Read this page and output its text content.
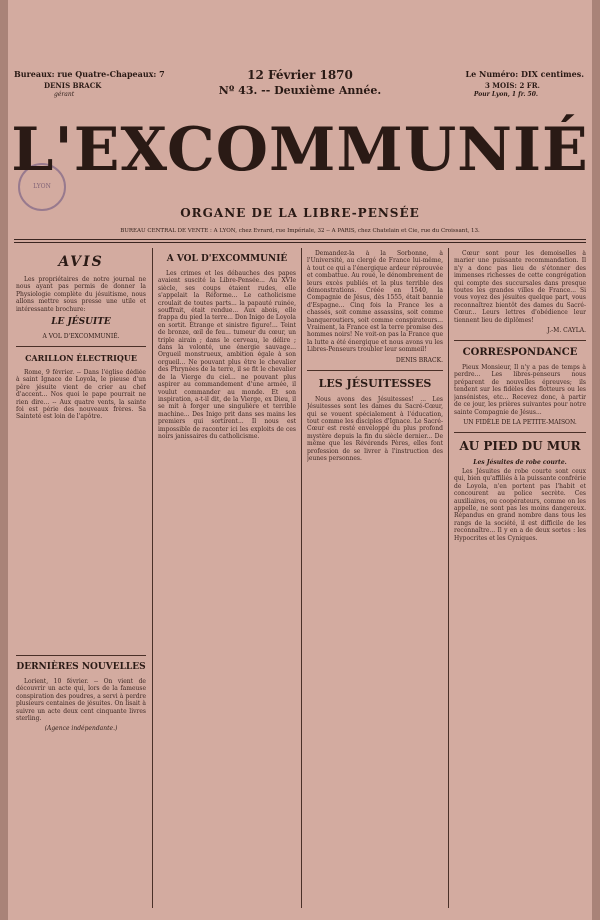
Bureaux: rue Quatre-Chapeaux: 7
DENIS BRACK
gérant
12 Février 1870
Nº 43. -- Deuxième Année.
Le Numéro: DIX centimes.
3 MOIS: 2 FR.
Pour Lyon, 1 fr. 50.
LYON
L'EXCOMMUNIÉ
ORGANE DE LA LIBRE-PENSÉE
BUREAU CENTRAL DE VENTE : A LYON, chez Evrard, rue Impériale, 32 -- A PARIS, chez Chatelain et Cie, rue du Croissant, 13.
AVIS

Les propriétaires de notre journal ne nous ayant pas permis de donner la Physiologie complète du jésuitisme, nous allons mettre sous presse une utile et intéressante brochure:

LE JÉSUITE
A VOL D'EXCOMMUNIÉ.
CARILLON ÉLECTRIQUE

Rome, 9 février. -- Dans l'église dédiée à saint Ignace de Loyola, le pieuse d'un pêre jésuite vient de crier au chef d'accent... Nos quoi le pape pourrait ne rien dire... -- Aux quatre vents, la sainte foi est périe des nouveaux frères. Sa Sainteté est loin de l'apôtre.

DERNIÈRES NOUVELLES

Lorient, 10 février. -- On vient de découvrir un acte qui, lors de la fameuse conspiration des poudres, a servi à perdre plusieurs centaines de jésuites. On lisait à suivre un acte deux cent cinquante livres sterling.

(Agence indépendante.)
A VOL D'EXCOMMUNIÉ

Les crimes et les débauches des papes avaient suscité la Libre-Pensée... Au XVIe siècle, ses coups étaient rudes, elle s'appelait la Réforme... Le catholicisme croulait de toutes parts... la papauté ruinée, souffrait, était rendue... Aux abois, elle frappa du pied la terre... Don Inigo de Loyola en sortit. Étrange et sinistre figure!... Teint de bronze, œil de feu... tumeur du cœur, un triple airain ; dans le cerveau, le délire ; dans la volonté, une énergie sauvage... Orgueil monstrueux, ambition égale à son orgueil... Ne pouvant plus être le chevalier des Phrynées de la terre, il se fit le chevalier de la Vierge du ciel... ne pouvant plus aspirer au commandement d'une armée, il voulut commander au monde. Et son inspiration, a-t-il dit, de la Vierge, ex Dieu, il se mit à forger une singulière et terrible machine... Des Inigo prit dans ses mains les premiers qui sortirent... Il nous est impossible de raconter ici les exploits de ces noirs janissaires du catholicisme.

Demandez-la à la Sorbonne, à l'Université, au clergé de France lui-même, à tout ce qui a l'énergique ardeur réprouvée et combattue. Au roué, le dénombrement de leurs excès publiés et la plus terrible des démonstrations. Créée en 1540, la Compagnie de Jésus, dès 1555, était bannie d'Espagne... Cinq fois la France les a chassés, soit comme assassins, soit comme banqueroutiers, soit comme conspirateurs... Vraiment, la France est la terre promise des hommes noirs! Ne voit-on pas la France que la lutte a été énergique et nous avons vu les Libres-Penseurs troubler leur sommeil!

DENIS BRACK.
LES JÉSUITESSES

Nous avons des Jésuitesses! ... Les Jésuitesses sont les dames du Sacré-Cœur, qui se vouent spécialement à l'éducation, tout comme les disciples d'Ignace. Le Sacré-Cœur est resté enveloppé du plus profond mystère depuis la fin du siècle dernier... De même que les Révérends Pères, elles font profession de se livrer à l'instruction des jeunes personnes.

Cœur sont pour les demoiselles à marier une puissante recommandation. Il n'y a donc pas lieu de s'étonner des immenses richesses de cette congrégation qui compte des succursales dans presque toutes les grandes villes de France... Si vous voyez des jésuites quelque part, vous reconnaîtrez bientôt des dames du Sacré-Cœur... Leurs lettres d'obédience leur tiennent lieu de diplômes!

J.-M. CAYLA.
CORRESPONDANCE

Pieux Monsieur, Il n'y a pas de temps à perdre... Les libres-penseurs nous préparent de nouvelles épreuves; ils tendent sur les fidèles des flotteurs ou les jansénistes, etc... Recevez donc, à partir de ce jour, les prières suivantes pour notre sainte Compagnie de Jésus...

UN FIDÈLE DE LA PETITE-MAISON.
AU PIED DU MUR
Les Jésuites de robe courte.

Les Jésuites de robe courte sont ceux qui, bien qu'affiliés à la puissante confrérie de Loyola, n'en portent pas l'habit et concourent au police secrète. Ces auxiliaires, ou coopérateurs, comme on les appelle, ne sont pas les moins dangereux. Répandus en grand nombre dans tous les rangs de la société, il est difficile de les reconnaître... Il y en a de deux sortes : les Hypocrites et les Cyniques.
